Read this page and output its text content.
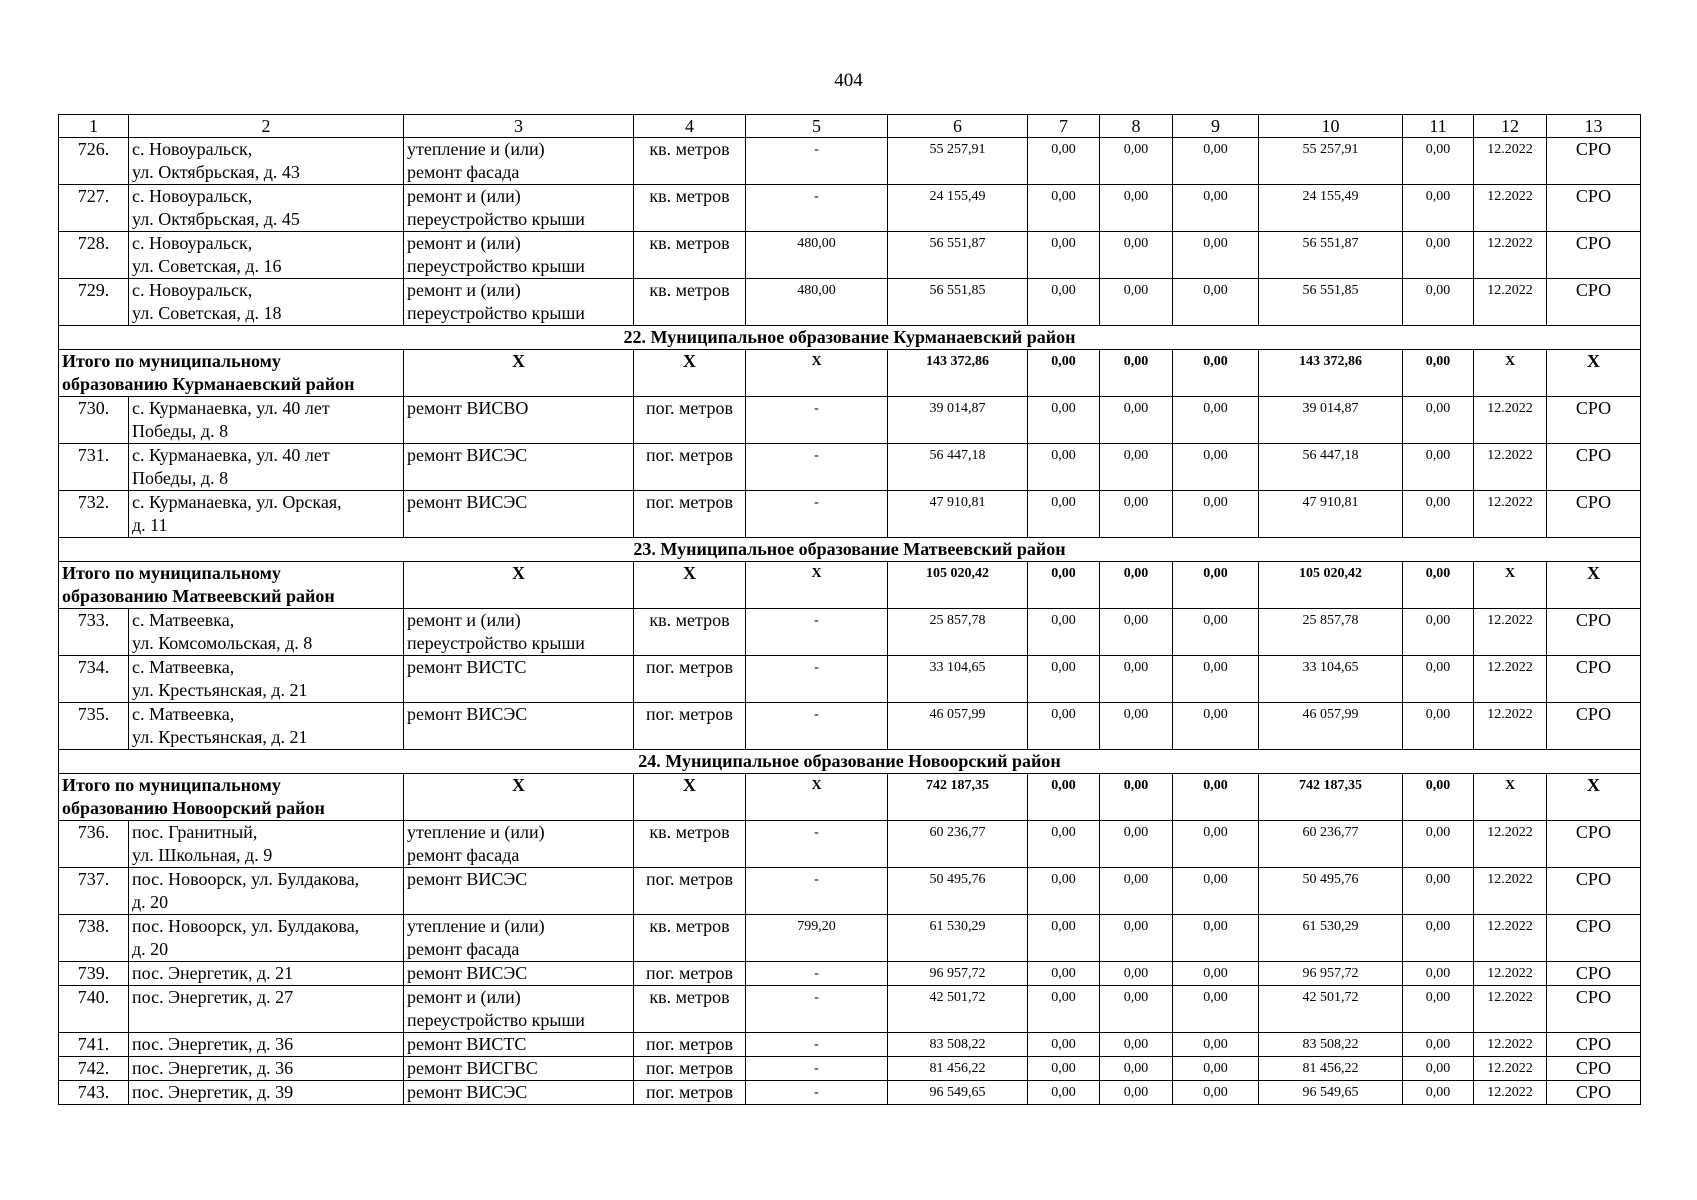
404
1	2	3	4	5	6	7	8	9	10	11	12	13
726.	с. Новоуральск,
ул. Октябрьская, д. 43	утепление и (или)
ремонт фасада	кв. метров	-	55 257,91	0,00	0,00	0,00	55 257,91	0,00	12.2022	СРО
727.	с. Новоуральск,
ул. Октябрьская, д. 45	ремонт и (или)
переустройство крыши	кв. метров	-	24 155,49	0,00	0,00	0,00	24 155,49	0,00	12.2022	СРО
728.	с. Новоуральск,
ул. Советская, д. 16	ремонт и (или)
переустройство крыши	кв. метров	480,00	56 551,87	0,00	0,00	0,00	56 551,87	0,00	12.2022	СРО
729.	с. Новоуральск,
ул. Советская, д. 18	ремонт и (или)
переустройство крыши	кв. метров	480,00	56 551,85	0,00	0,00	0,00	56 551,85	0,00	12.2022	СРО
22. Муниципальное образование Курманаевский район												

Итого по муниципальному
образованию Курманаевский район		X	X	X	143 372,86	0,00	0,00	0,00	143 372,86	0,00	X	X
730.	с. Курманаевка, ул. 40 лет
Победы, д. 8	ремонт ВИСВО	пог. метров	-	39 014,87	0,00	0,00	0,00	39 014,87	0,00	12.2022	СРО
731.	с. Курманаевка, ул. 40 лет
Победы, д. 8	ремонт ВИСЭС	пог. метров	-	56 447,18	0,00	0,00	0,00	56 447,18	0,00	12.2022	СРО
732.	с. Курманаевка, ул. Орская,
д. 11	ремонт ВИСЭС	пог. метров	-	47 910,81	0,00	0,00	0,00	47 910,81	0,00	12.2022	СРО
23. Муниципальное образование Матвеевский район												

Итого по муниципальному
образованию Матвеевский район		X	X	X	105 020,42	0,00	0,00	0,00	105 020,42	0,00	X	X
733.	с. Матвеевка,
ул. Комсомольская, д. 8	ремонт и (или)
переустройство крыши	кв. метров	-	25 857,78	0,00	0,00	0,00	25 857,78	0,00	12.2022	СРО
734.	с. Матвеевка,
ул. Крестьянская, д. 21	ремонт ВИСТС	пог. метров	-	33 104,65	0,00	0,00	0,00	33 104,65	0,00	12.2022	СРО
735.	с. Матвеевка,
ул. Крестьянская, д. 21	ремонт ВИСЭС	пог. метров	-	46 057,99	0,00	0,00	0,00	46 057,99	0,00	12.2022	СРО
24. Муниципальное образование Новоорский район												

Итого по муниципальному
образованию Новоорский район		X	X	X	742 187,35	0,00	0,00	0,00	742 187,35	0,00	X	X
736.	пос. Гранитный,
ул. Школьная, д. 9	утепление и (или)
ремонт фасада	кв. метров	-	60 236,77	0,00	0,00	0,00	60 236,77	0,00	12.2022	СРО
737.	пос. Новоорск, ул. Булдакова,
д. 20	ремонт ВИСЭС	пог. метров	-	50 495,76	0,00	0,00	0,00	50 495,76	0,00	12.2022	СРО
738.	пос. Новоорск, ул. Булдакова,
д. 20	утепление и (или)
ремонт фасада	кв. метров	799,20	61 530,29	0,00	0,00	0,00	61 530,29	0,00	12.2022	СРО
739.	пос. Энергетик, д. 21	ремонт ВИСЭС	пог. метров	-	96 957,72	0,00	0,00	0,00	96 957,72	0,00	12.2022	СРО
740.	пос. Энергетик, д. 27	ремонт и (или)
переустройство крыши	кв. метров	-	42 501,72	0,00	0,00	0,00	42 501,72	0,00	12.2022	СРО
741.	пос. Энергетик, д. 36	ремонт ВИСТС	пог. метров	-	83 508,22	0,00	0,00	0,00	83 508,22	0,00	12.2022	СРО
742.	пос. Энергетик, д. 36	ремонт ВИСГВС	пог. метров	-	81 456,22	0,00	0,00	0,00	81 456,22	0,00	12.2022	СРО
743.	пос. Энергетик, д. 39	ремонт ВИСЭС	пог. метров	-	96 549,65	0,00	0,00	0,00	96 549,65	0,00	12.2022	СРО
